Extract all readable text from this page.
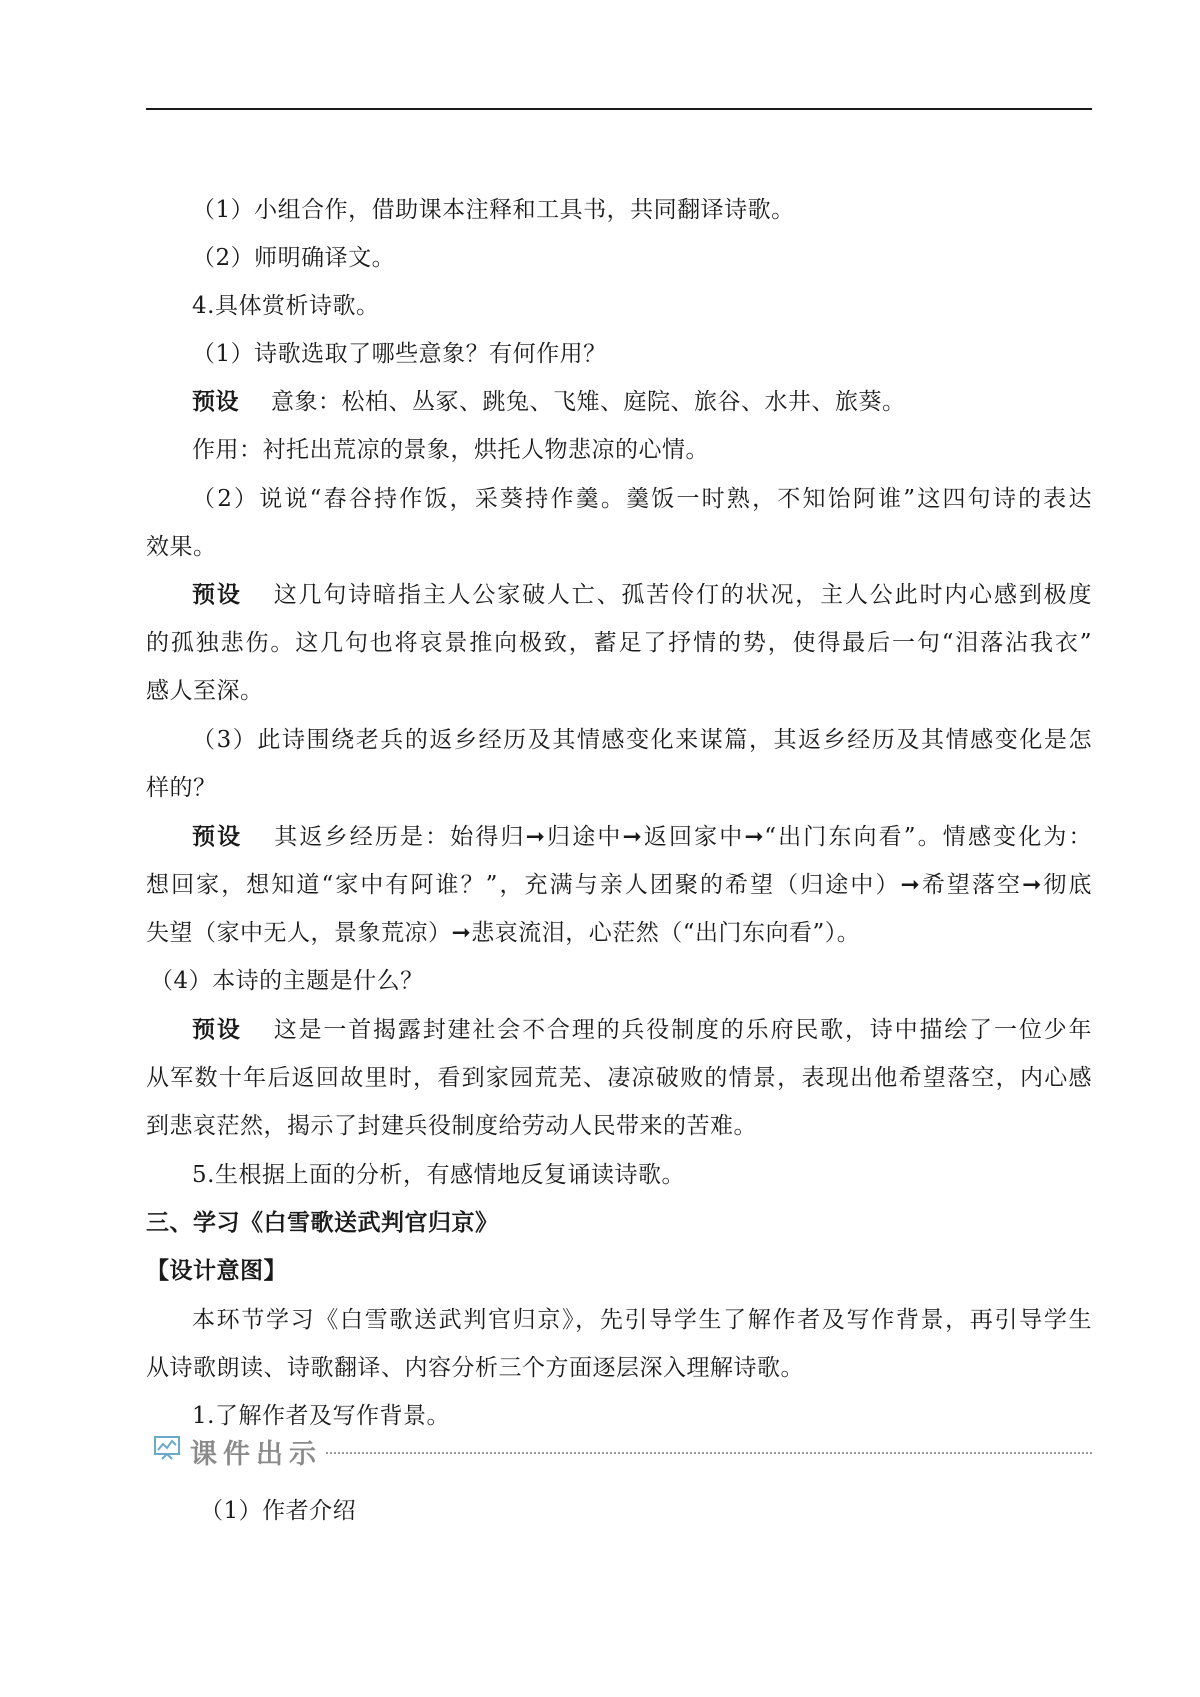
（1）小组合作，借助课本注释和工具书，共同翻译诗歌。
（2）师明确译文。
4.具体赏析诗歌。
（1）诗歌选取了哪些意象？有何作用？
预设 意象：松柏、丛冢、跳兔、飞雉、庭院、旅谷、水井、旅葵。
作用：衬托出荒凉的景象，烘托人物悲凉的心情。
（2）说说“舂谷持作饭，采葵持作羹。羹饭一时熟，不知饴阿谁”这四句诗的表达
效果。
预设 这几句诗暗指主人公家破人亡、孤苦伶仃的状况，主人公此时内心感到极度
的孤独悲伤。这几句也将哀景推向极致，蓄足了抒情的势，使得最后一句“泪落沾我衣”
感人至深。
（3）此诗围绕老兵的返乡经历及其情感变化来谋篇，其返乡经历及其情感变化是怎
样的？
预设 其返乡经历是：始得归➞归途中➞返回家中➞“出门东向看”。情感变化为：
想回家，想知道“家中有阿谁？”，充满与亲人团聚的希望（归途中）➞希望落空➞彻底
失望（家中无人，景象荒凉）➞悲哀流泪，心茫然（“出门东向看”）。
（4）本诗的主题是什么？
预设 这是一首揭露封建社会不合理的兵役制度的乐府民歌，诗中描绘了一位少年
从军数十年后返回故里时，看到家园荒芜、凄凉破败的情景，表现出他希望落空，内心感
到悲哀茫然，揭示了封建兵役制度给劳动人民带来的苦难。
5.生根据上面的分析，有感情地反复诵读诗歌。
三、学习《白雪歌送武判官归京》
【设计意图】
本环节学习《白雪歌送武判官归京》，先引导学生了解作者及写作背景，再引导学生
从诗歌朗读、诗歌翻译、内容分析三个方面逐层深入理解诗歌。
1.了解作者及写作背景。
课件出示
（1）作者介绍
